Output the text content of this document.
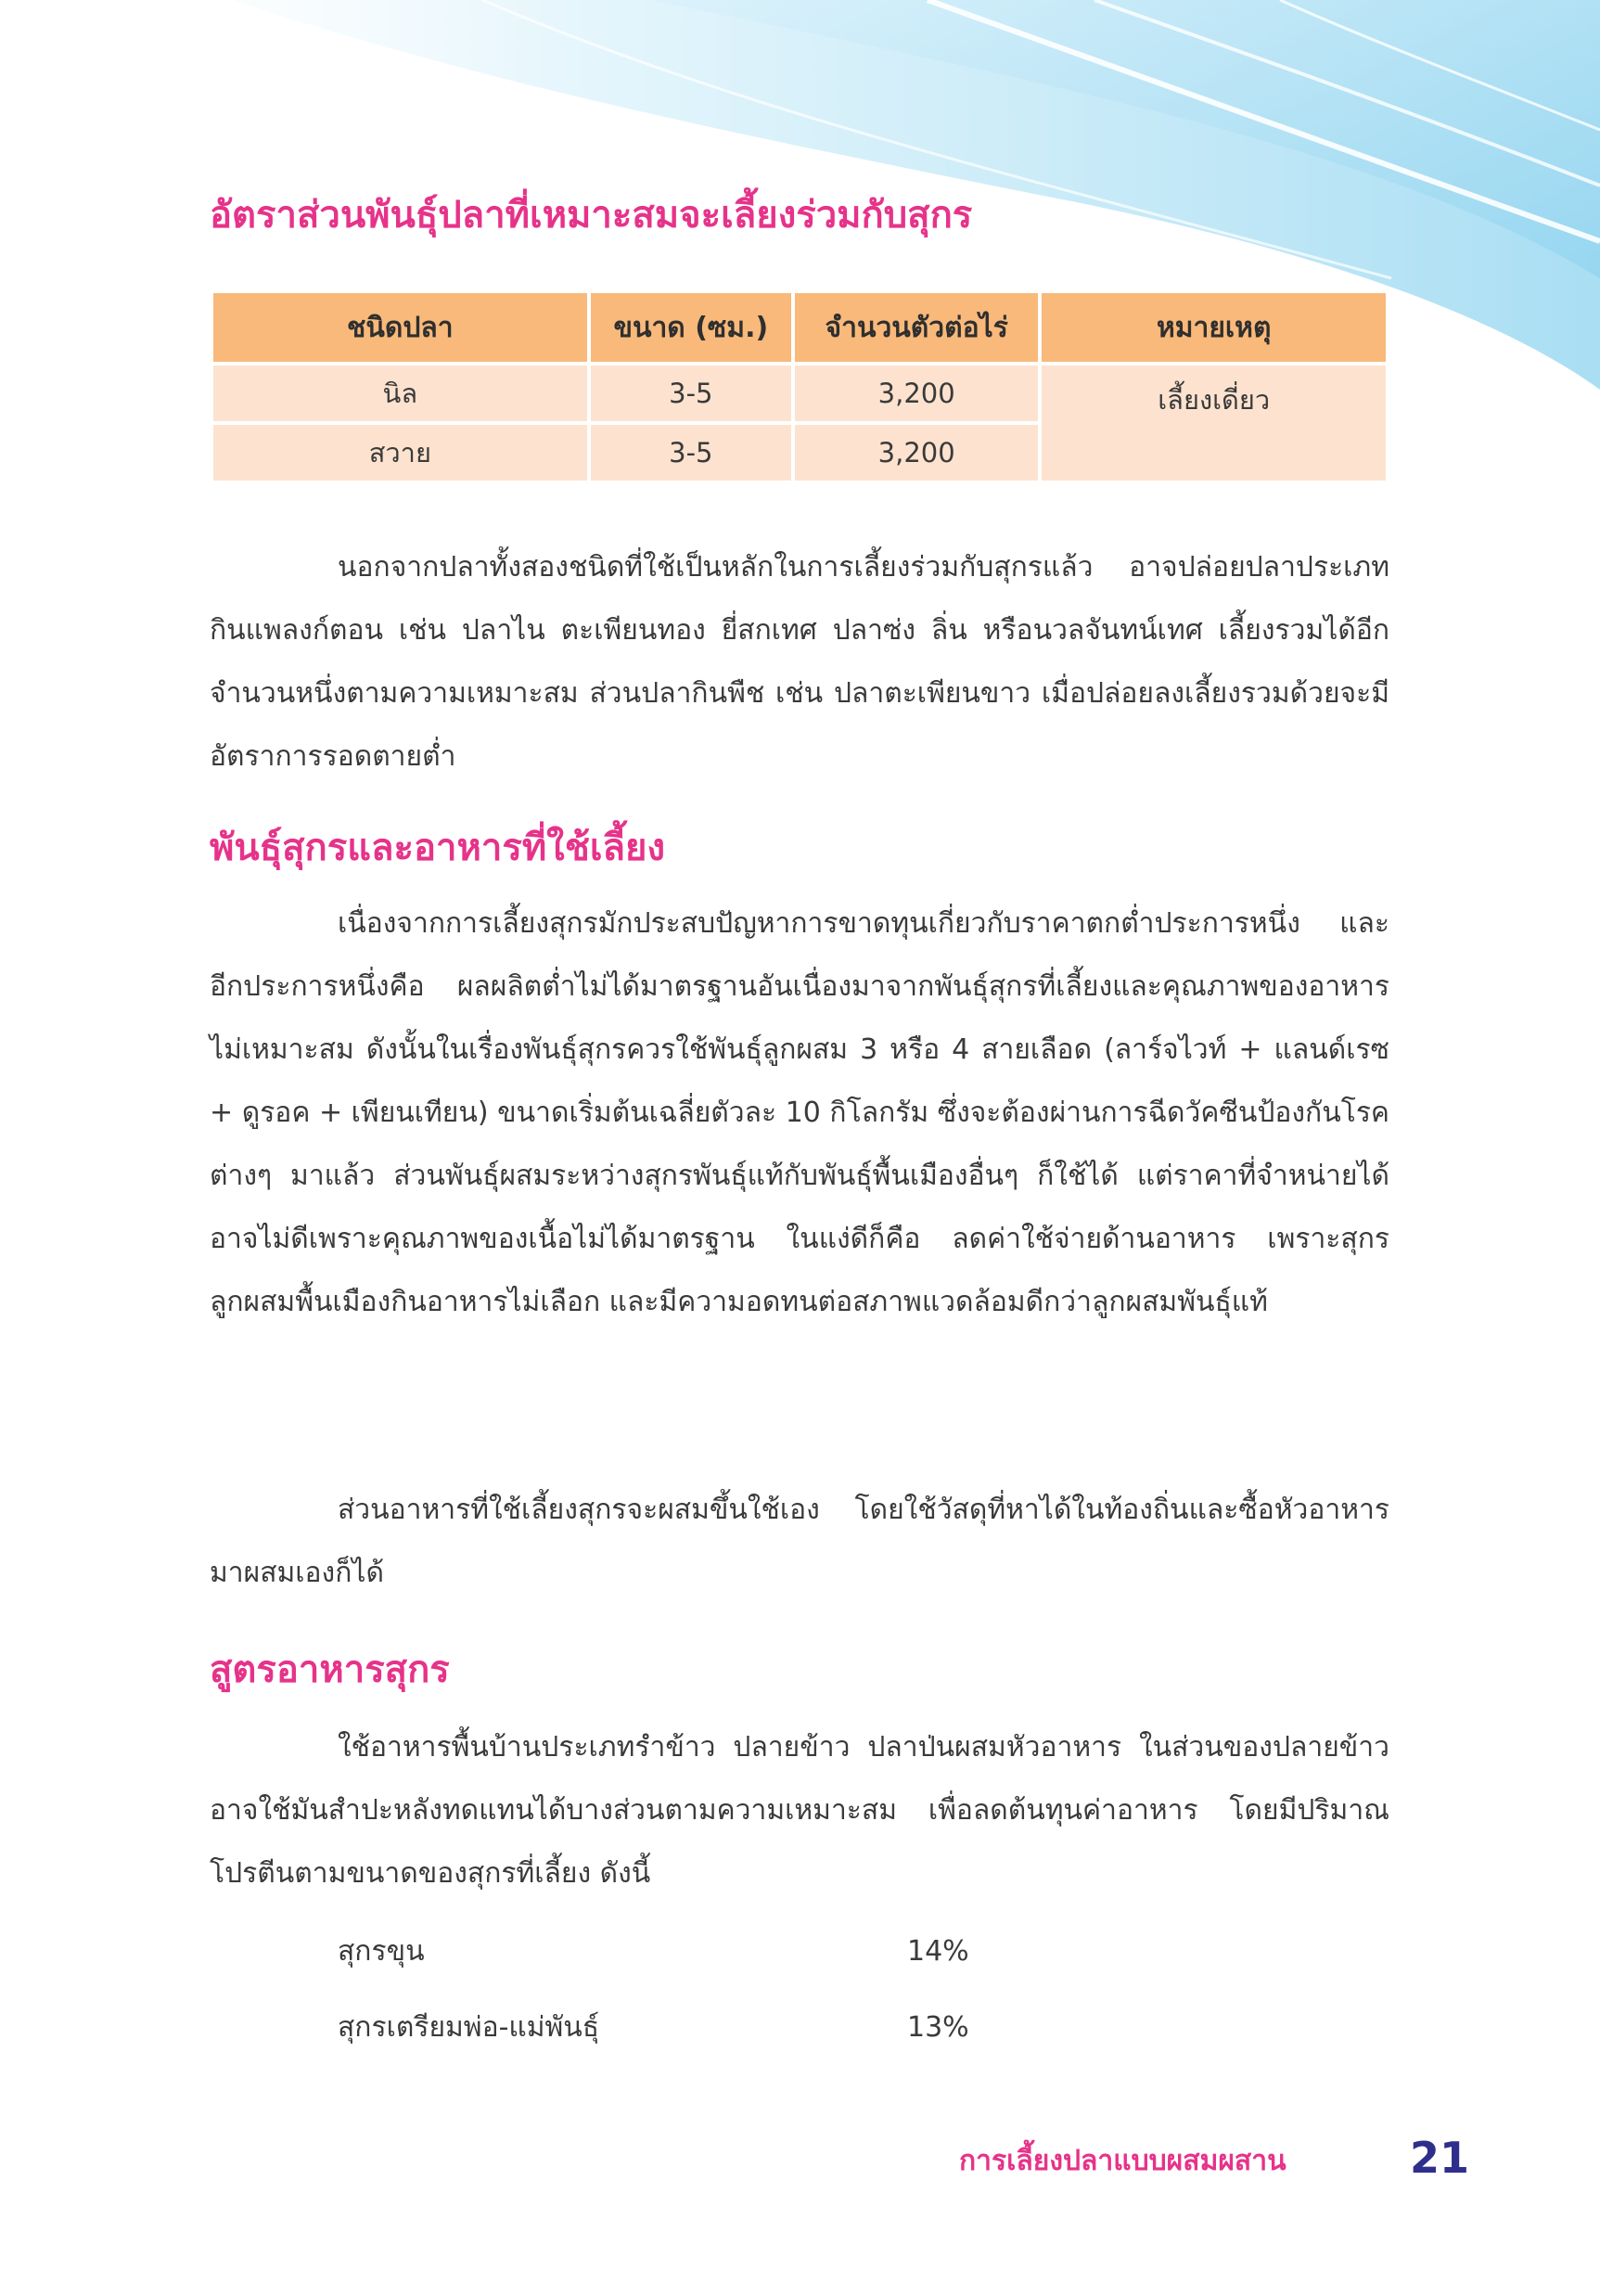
อัตราส่วนพันธุ์ปลาที่เหมาะสมจะเลี้ยงร่วมกับสุกร
ชนิดปลา	ขนาด (ซม.)	จำนวนตัวต่อไร่	หมายเหตุ
นิล	3-5	3,200	เลี้ยงเดี่ยว
สวาย	3-5	3,200	

นอกจากปลาทั้งสองชนิดที่ใช้เป็นหลักในการเลี้ยงร่วมกับสุกรแล้ว อาจปล่อยปลาประเภทกินแพลงก์ตอน เช่น ปลาไน ตะเพียนทอง ยี่สกเทศ ปลาซ่ง ลิ่น หรือนวลจันทน์เทศ เลี้ยงรวมได้อีกจำนวนหนึ่งตามความเหมาะสม ส่วนปลากินพืช เช่น ปลาตะเพียนขาว เมื่อปล่อยลงเลี้ยงรวมด้วยจะมีอัตราการรอดตายต่ำ

พันธุ์สุกรและอาหารที่ใช้เลี้ยง

เนื่องจากการเลี้ยงสุกรมักประสบปัญหาการขาดทุนเกี่ยวกับราคาตกต่ำประการหนึ่ง และอีกประการหนึ่งคือ ผลผลิตต่ำไม่ได้มาตรฐานอันเนื่องมาจากพันธุ์สุกรที่เลี้ยงและคุณภาพของอาหารไม่เหมาะสม ดังนั้นในเรื่องพันธุ์สุกรควรใช้พันธุ์ลูกผสม 3 หรือ 4 สายเลือด (ลาร์จไวท์ + แลนด์เรซ + ดูรอค + เพียนเทียน) ขนาดเริ่มต้นเฉลี่ยตัวละ 10 กิโลกรัม ซึ่งจะต้องผ่านการฉีดวัคซีนป้องกันโรคต่างๆ มาแล้ว ส่วนพันธุ์ผสมระหว่างสุกรพันธุ์แท้กับพันธุ์พื้นเมืองอื่นๆ ก็ใช้ได้ แต่ราคาที่จำหน่ายได้อาจไม่ดีเพราะคุณภาพของเนื้อไม่ได้มาตรฐาน ในแง่ดีก็คือ ลดค่าใช้จ่ายด้านอาหาร เพราะสุกรลูกผสมพื้นเมืองกินอาหารไม่เลือก และมีความอดทนต่อสภาพแวดล้อมดีกว่าลูกผสมพันธุ์แท้

ส่วนอาหารที่ใช้เลี้ยงสุกรจะผสมขึ้นใช้เอง โดยใช้วัสดุที่หาได้ในท้องถิ่นและซื้อหัวอาหารมาผสมเองก็ได้

สูตรอาหารสุกร

ใช้อาหารพื้นบ้านประเภทรำข้าว ปลายข้าว ปลาป่นผสมหัวอาหาร ในส่วนของปลายข้าวอาจใช้มันสำปะหลังทดแทนได้บางส่วนตามความเหมาะสม เพื่อลดต้นทุนค่าอาหาร โดยมีปริมาณโปรตีนตามขนาดของสุกรที่เลี้ยง ดังนี้

สุกรขุน	14%
สุกรเตรียมพ่อ-แม่พันธุ์	13%
การเลี้ยงปลาแบบผสมผสาน	21
